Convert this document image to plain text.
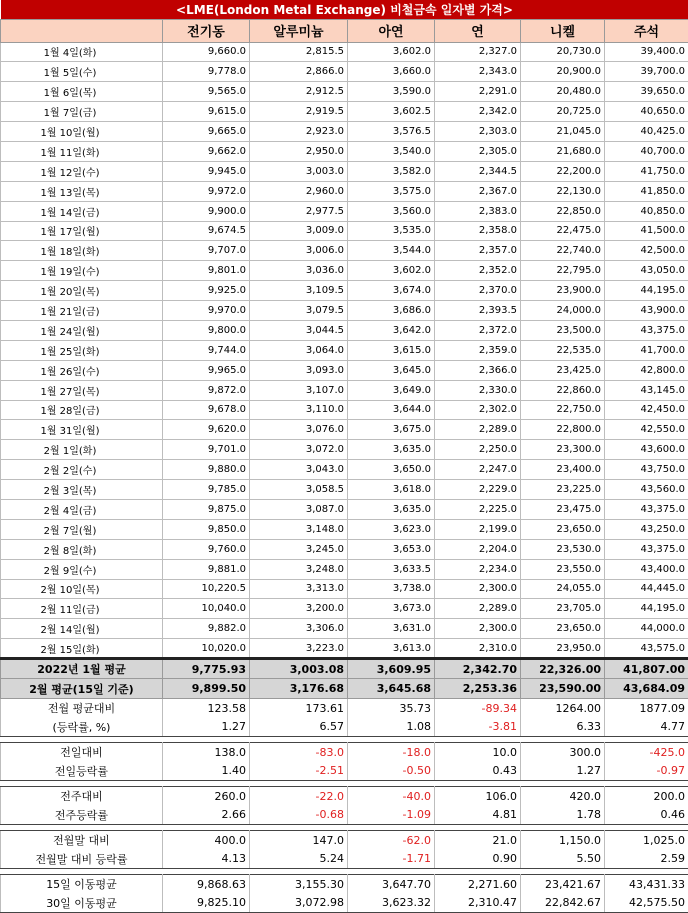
<LME(London Metal Exchange) 비철금속 일자별 가격>						
	전기동	알루미늄	아연	연	니켈	주석
1월 4일(화)	9,660.0	2,815.5	3,602.0	2,327.0	20,730.0	39,400.0
1월 5일(수)	9,778.0	2,866.0	3,660.0	2,343.0	20,900.0	39,700.0
1월 6일(목)	9,565.0	2,912.5	3,590.0	2,291.0	20,480.0	39,650.0
1월 7일(금)	9,615.0	2,919.5	3,602.5	2,342.0	20,725.0	40,650.0
1월 10일(월)	9,665.0	2,923.0	3,576.5	2,303.0	21,045.0	40,425.0
1월 11일(화)	9,662.0	2,950.0	3,540.0	2,305.0	21,680.0	40,700.0
1월 12일(수)	9,945.0	3,003.0	3,582.0	2,344.5	22,200.0	41,750.0
1월 13일(목)	9,972.0	2,960.0	3,575.0	2,367.0	22,130.0	41,850.0
1월 14일(금)	9,900.0	2,977.5	3,560.0	2,383.0	22,850.0	40,850.0
1월 17일(월)	9,674.5	3,009.0	3,535.0	2,358.0	22,475.0	41,500.0
1월 18일(화)	9,707.0	3,006.0	3,544.0	2,357.0	22,740.0	42,500.0
1월 19일(수)	9,801.0	3,036.0	3,602.0	2,352.0	22,795.0	43,050.0
1월 20일(목)	9,925.0	3,109.5	3,674.0	2,370.0	23,900.0	44,195.0
1월 21일(금)	9,970.0	3,079.5	3,686.0	2,393.5	24,000.0	43,900.0
1월 24일(월)	9,800.0	3,044.5	3,642.0	2,372.0	23,500.0	43,375.0
1월 25일(화)	9,744.0	3,064.0	3,615.0	2,359.0	22,535.0	41,700.0
1월 26일(수)	9,965.0	3,093.0	3,645.0	2,366.0	23,425.0	42,800.0
1월 27일(목)	9,872.0	3,107.0	3,649.0	2,330.0	22,860.0	43,145.0
1월 28일(금)	9,678.0	3,110.0	3,644.0	2,302.0	22,750.0	42,450.0
1월 31일(월)	9,620.0	3,076.0	3,675.0	2,289.0	22,800.0	42,550.0
2월 1일(화)	9,701.0	3,072.0	3,635.0	2,250.0	23,300.0	43,600.0
2월 2일(수)	9,880.0	3,043.0	3,650.0	2,247.0	23,400.0	43,750.0
2월 3일(목)	9,785.0	3,058.5	3,618.0	2,229.0	23,225.0	43,560.0
2월 4일(금)	9,875.0	3,087.0	3,635.0	2,225.0	23,475.0	43,375.0
2월 7일(월)	9,850.0	3,148.0	3,623.0	2,199.0	23,650.0	43,250.0
2월 8일(화)	9,760.0	3,245.0	3,653.0	2,204.0	23,530.0	43,375.0
2월 9일(수)	9,881.0	3,248.0	3,633.5	2,234.0	23,550.0	43,400.0
2월 10일(목)	10,220.5	3,313.0	3,738.0	2,300.0	24,055.0	44,445.0
2월 11일(금)	10,040.0	3,200.0	3,673.0	2,289.0	23,705.0	44,195.0
2월 14일(월)	9,882.0	3,306.0	3,631.0	2,300.0	23,650.0	44,000.0
2월 15일(화)	10,020.0	3,223.0	3,613.0	2,310.0	23,950.0	43,575.0
2022년 1월 평균	9,775.93	3,003.08	3,609.95	2,342.70	22,326.00	41,807.00
2월 평균(15일 기준)	9,899.50	3,176.68	3,645.68	2,253.36	23,590.00	43,684.09
전월 평균대비	123.58	173.61	35.73	-89.34	1264.00	1877.09
(등락률, %)	1.27	6.57	1.08	-3.81	6.33	4.77

전일대비	138.0	-83.0	-18.0	10.0	300.0	-425.0
전일등락률	1.40	-2.51	-0.50	0.43	1.27	-0.97

전주대비	260.0	-22.0	-40.0	106.0	420.0	200.0
전주등락률	2.66	-0.68	-1.09	4.81	1.78	0.46

전월말 대비	400.0	147.0	-62.0	21.0	1,150.0	1,025.0
전월말 대비 등락률	4.13	5.24	-1.71	0.90	5.50	2.59

15일 이동평균	9,868.63	3,155.30	3,647.70	2,271.60	23,421.67	43,431.33
30일 이동평균	9,825.10	3,072.98	3,623.32	2,310.47	22,842.67	42,575.50
